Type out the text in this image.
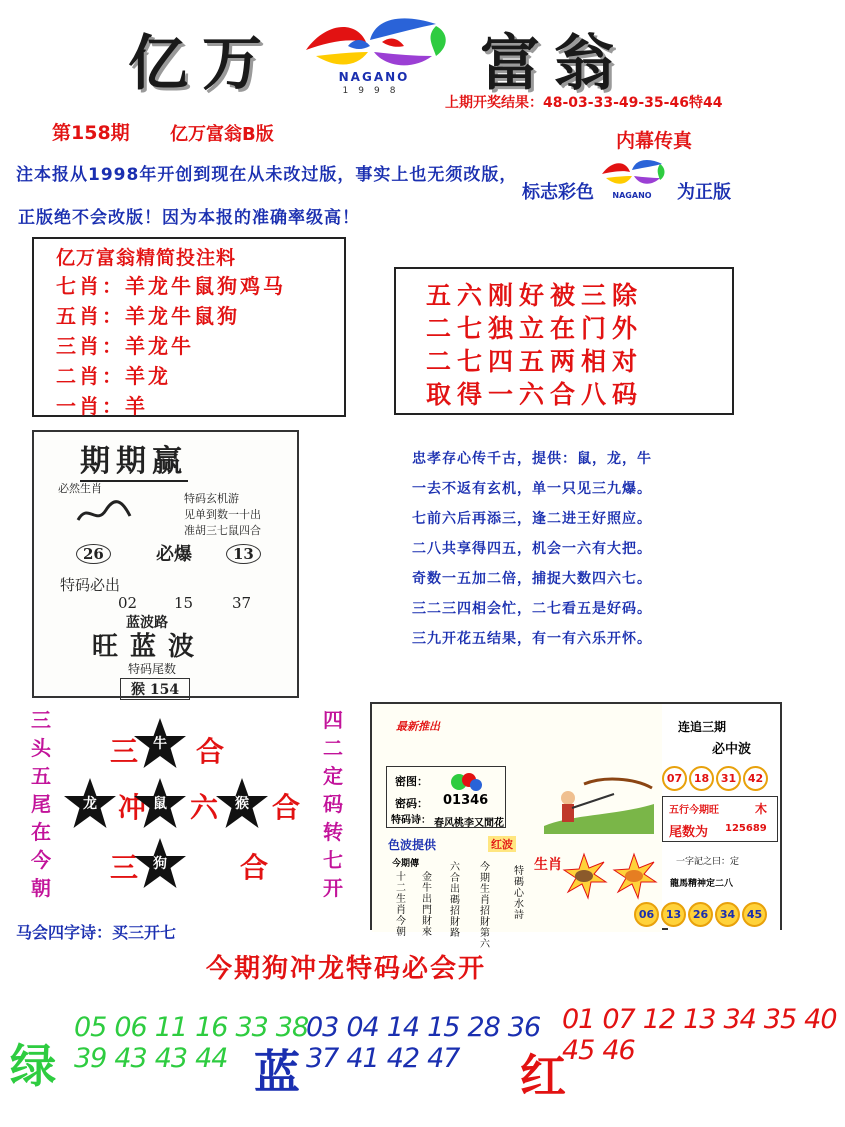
亿万	NAGANO
1998	富翁
上期开奖结果：48-03-33-49-35-46特44
第158期 亿万富翁B版
注本报从1998年开创到现在从未改过版，事实上也无须改版，
正版绝不会改版！因为本报的准确率级高！
内幕传真
标志彩色 NAGANO 为正版
亿万富翁精简投注料
七肖：羊龙牛鼠狗鸡马
五肖：羊龙牛鼠狗
三肖：羊龙牛
二肖：羊龙
一肖：羊
五六刚好被三除
二七独立在门外
二七四五两相对
取得一六合八码
期期赢
必然生肖
特码玄机游
见单到数一十出
准胡三七鼠四合
26	必爆	13
特码必出
02 15	37
蓝波路
旺蓝波
特码尾数
猴 154
忠孝存心传千古，提供：鼠，龙，牛
一去不返有玄机，单一只见三九爆。
七前六后再添三，逢二进王好照应。
二八共享得四五，机会一六有大把。
奇数一五加二倍，捕捉大数四六七。
三二三四相会忙，二七看五是好码。
三九开花五结果，有一有六乐开怀。
三
头
五
尾
在
今
朝
四
二
定
码
转
七
开
三	牛	合
龙 冲 鼠 六	猴 合
三	狗	合
马会四字诗：买三开七
最新推出
密图：
密码： 01346
特码诗： 春风桃李又閒花
色波提供	红波
生肖
今期傳
十二生肖今朝
金牛出門財來
六合出碼招財路
今期生肖招財第六
特碼心水詩
连追三期
必中波
07 18 31 42
五行今期旺	木
尾数为 125689
一字記之曰：定
龍馬精神定二八
06 13 26 34 45
今期狗冲龙特码必会开
绿
05 06 11 16 33 38
39 43 43 44 蓝
03 04 14 15 28 36
37 41 42 47	红
01 07 12 13 34 35 40
45 46
